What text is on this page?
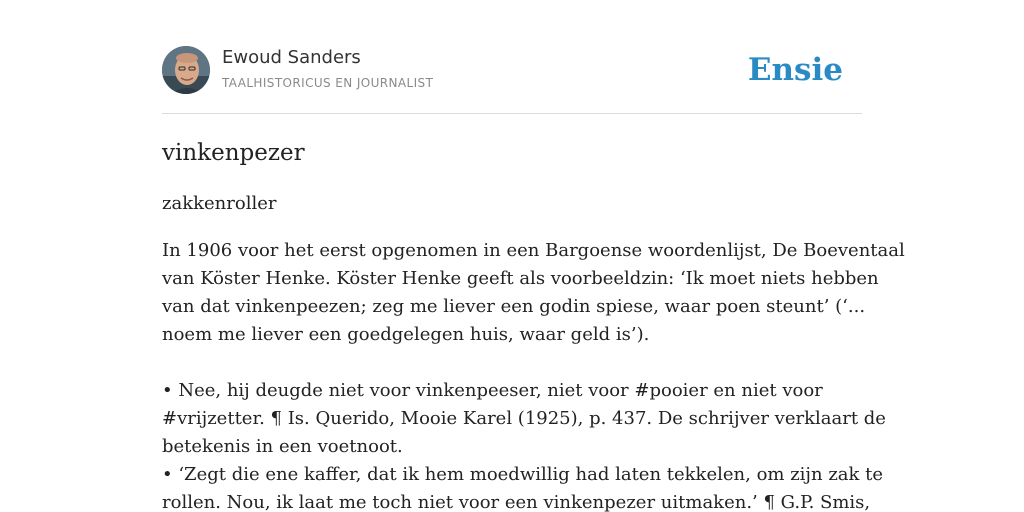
Ewoud Sanders
TAALHISTORICUS EN JOURNALIST	Ensie
vinkenpezer

zakkenroller

In 1906 voor het eerst opgenomen in een Bargoense woordenlijst, De Boeventaal
van Köster Henke. Köster Henke geeft als voorbeeldzin: ‘Ik moet niets hebben
van dat vinkenpeezen; zeg me liever een godin spiese, waar poen steunt’ (‘...
noem me liever een goedgelegen huis, waar geld is’).
• Nee, hij deugde niet voor vinkenpeeser, niet voor #pooier en niet voor
#vrijzetter. ¶ Is. Querido, Mooie Karel (1925), p. 437. De schrijver verklaart de
betekenis in een voetnoot.
• ‘Zegt die ene kaffer, dat ik hem moedwillig had laten tekkelen, om zijn zak te
rollen. Nou, ik laat me toch niet voor een vinkenpezer uitmaken.’ ¶ G.P. Smis,
